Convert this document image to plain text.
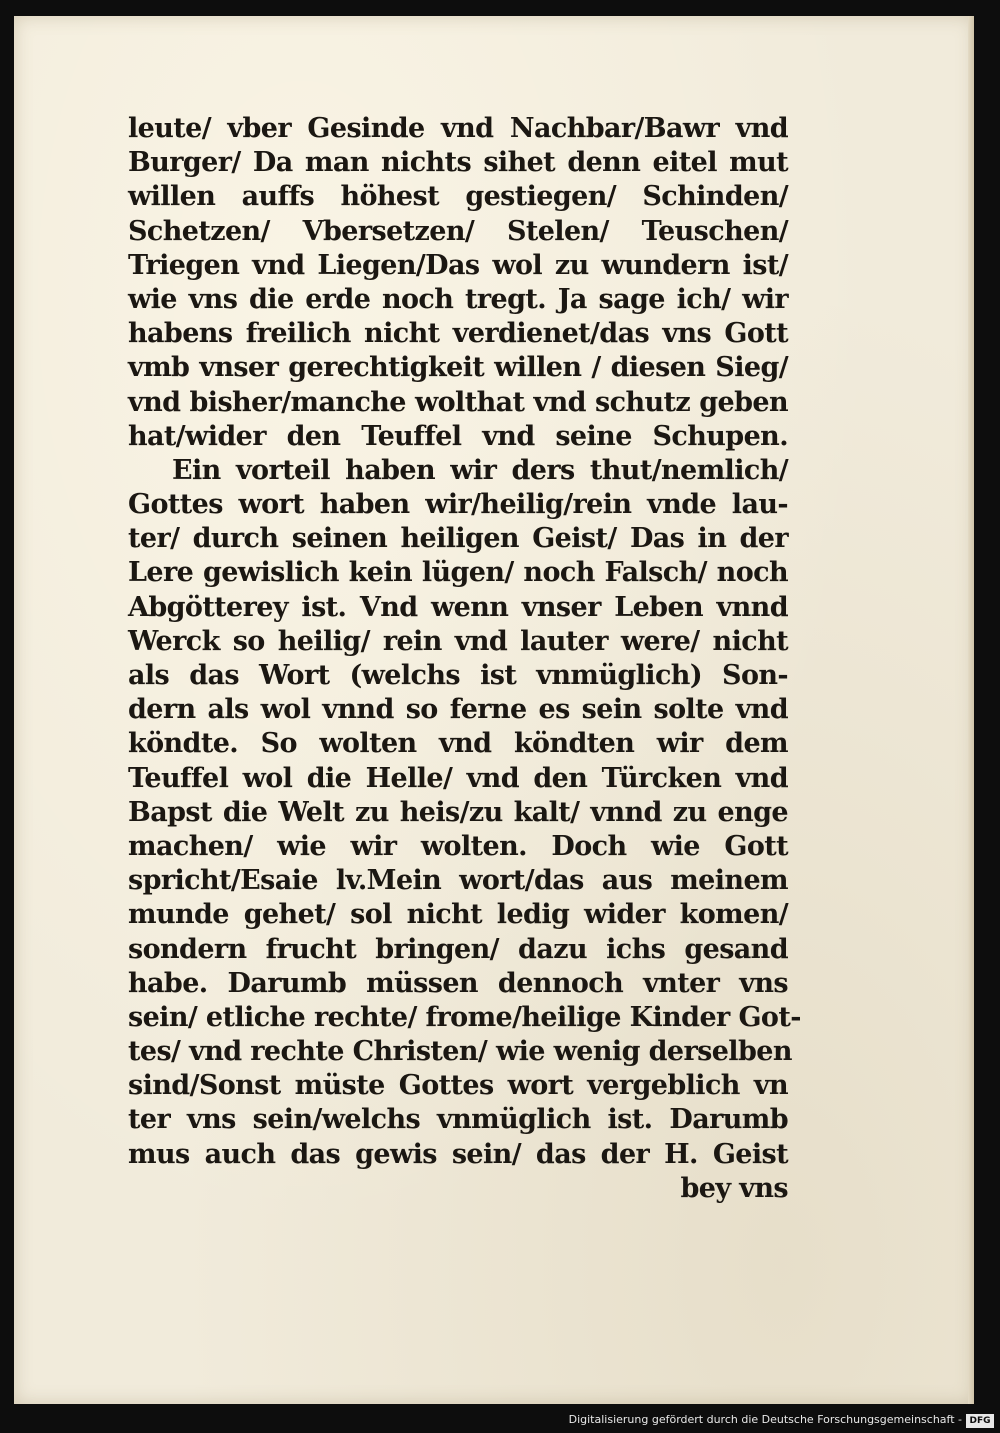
leute/ vber Gesinde vnd Nachbar/Bawr vnd
Burger/ Da man nichts sihet denn eitel mut
willen auffs höhest gestiegen/ Schinden/
Schetzen/ Vbersetzen/ Stelen/ Teuschen/
Triegen vnd Liegen/Das wol zu wundern ist/
wie vns die erde noch tregt. Ja sage ich/ wir
habens freilich nicht verdienet/das vns Gott
vmb vnser gerechtigkeit willen / diesen Sieg/
vnd bisher/manche wolthat vnd schutz geben
hat/wider den Teuffel vnd seine Schupen.
Ein vorteil haben wir ders thut/nemlich/
Gottes wort haben wir/heilig/rein vnde lau-
ter/ durch seinen heiligen Geist/ Das in der
Lere gewislich kein lügen/ noch Falsch/ noch
Abgötterey ist. Vnd wenn vnser Leben vnnd
Werck so heilig/ rein vnd lauter were/ nicht
als das Wort (welchs ist vnmüglich) Son-
dern als wol vnnd so ferne es sein solte vnd
köndte. So wolten vnd köndten wir dem
Teuffel wol die Helle/ vnd den Türcken vnd
Bapst die Welt zu heis/zu kalt/ vnnd zu enge
machen/ wie wir wolten. Doch wie Gott
spricht/Esaie lv.Mein wort/das aus meinem
munde gehet/ sol nicht ledig wider komen/
sondern frucht bringen/ dazu ichs gesand
habe. Darumb müssen dennoch vnter vns
sein/ etliche rechte/ frome/heilige Kinder Got-
tes/ vnd rechte Christen/ wie wenig derselben
sind/Sonst müste Gottes wort vergeblich vn
ter vns sein/welchs vnmüglich ist. Darumb
mus auch das gewis sein/ das der H. Geist
bey vns
Digitalisierung gefördert durch die Deutsche Forschungsgemeinschaft - DFG
